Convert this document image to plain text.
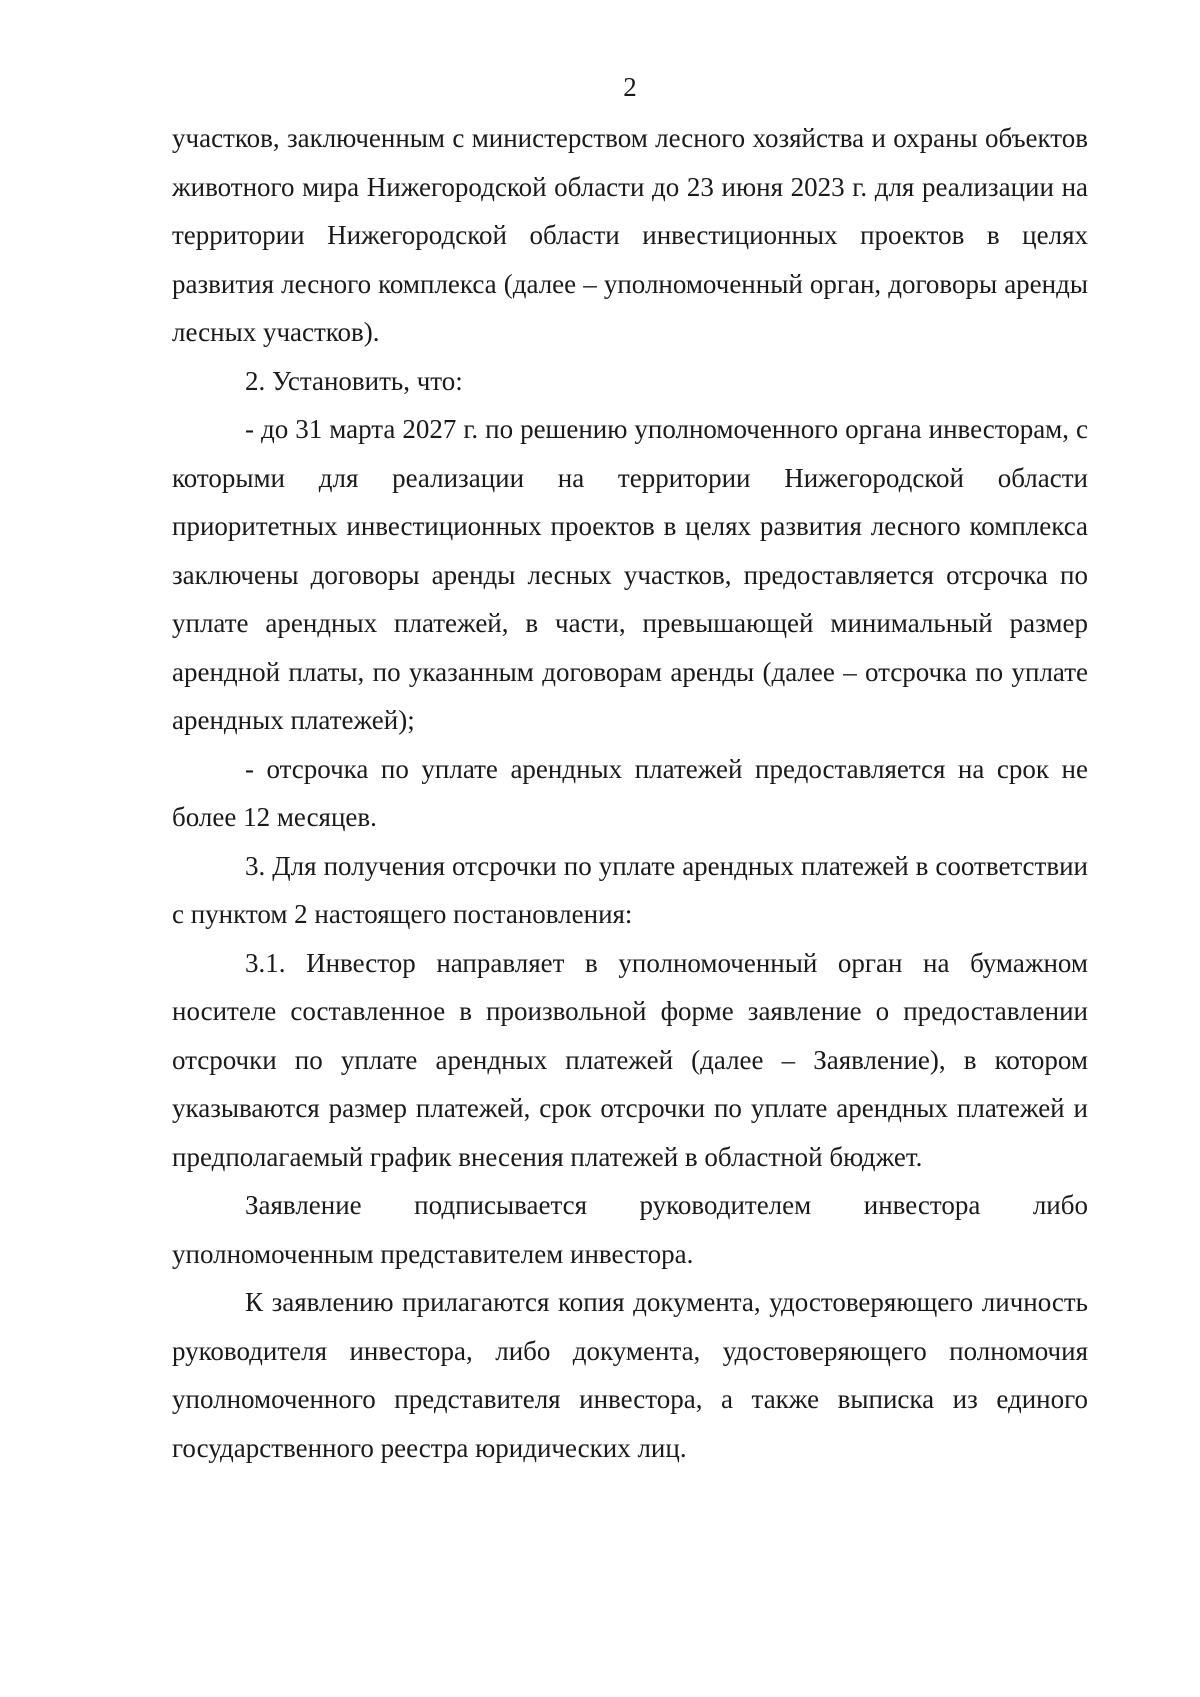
2

участков, заключенным с министерством лесного хозяйства и охраны объектов животного мира Нижегородской области до 23 июня 2023 г. для реализации на территории Нижегородской области инвестиционных проектов в целях развития лесного комплекса (далее – уполномоченный орган, договоры аренды лесных участков).

2. Установить, что:

- до 31 марта 2027 г. по решению уполномоченного органа инвесторам, с которыми для реализации на территории Нижегородской области приоритетных инвестиционных проектов в целях развития лесного комплекса заключены договоры аренды лесных участков, предоставляется отсрочка по уплате арендных платежей, в части, превышающей минимальный размер арендной платы, по указанным договорам аренды (далее – отсрочка по уплате арендных платежей);

- отсрочка по уплате арендных платежей предоставляется на срок не более 12 месяцев.

3. Для получения отсрочки по уплате арендных платежей в соответствии с пунктом 2 настоящего постановления:

3.1. Инвестор направляет в уполномоченный орган на бумажном носителе составленное в произвольной форме заявление о предоставлении отсрочки по уплате арендных платежей (далее – Заявление), в котором указываются размер платежей, срок отсрочки по уплате арендных платежей и предполагаемый график внесения платежей в областной бюджет.

Заявление подписывается руководителем инвестора либо уполномоченным представителем инвестора.

К заявлению прилагаются копия документа, удостоверяющего личность руководителя инвестора, либо документа, удостоверяющего полномочия уполномоченного представителя инвестора, а также выписка из единого государственного реестра юридических лиц.
